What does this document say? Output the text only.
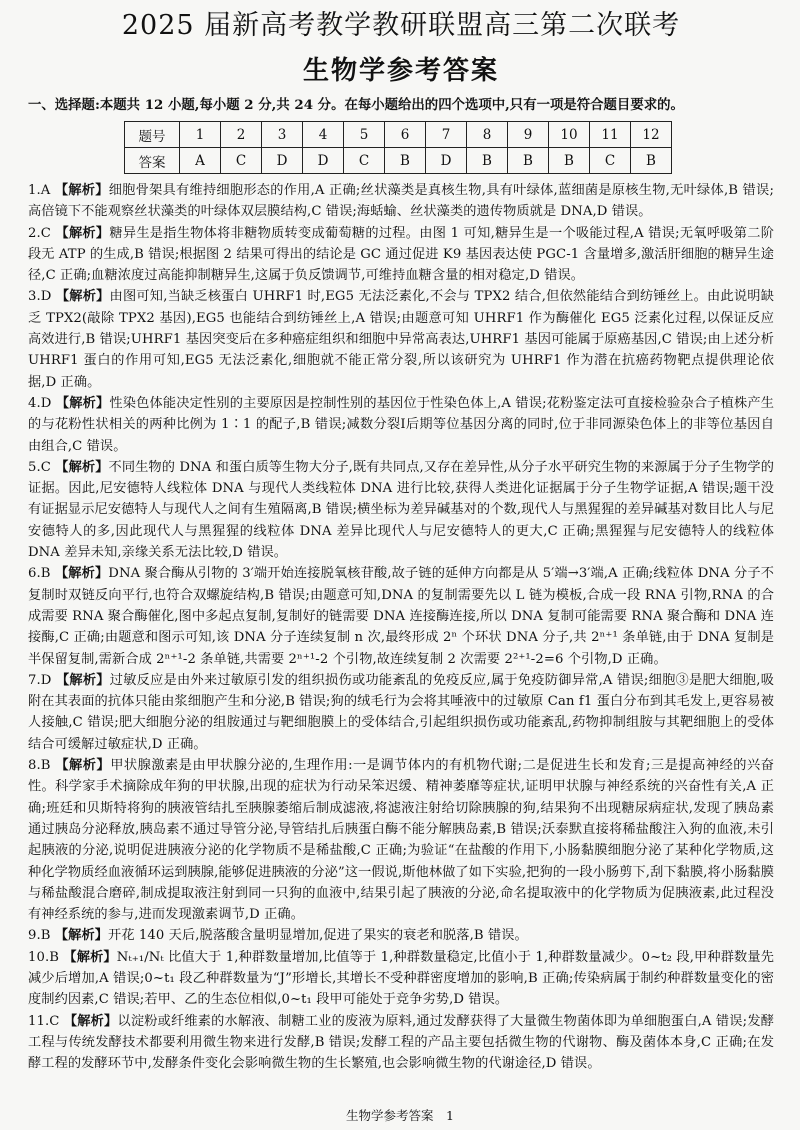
2025 届新高考教学教研联盟高三第二次联考
生物学参考答案

一、选择题:本题共 12 小题,每小题 2 分,共 24 分。在每小题给出的四个选项中,只有一项是符合题目要求的。

题号	1	2	3	4	5	6	7	8	9	10	11	12
答案	A	C	D	D	C	B	D	B	B	B	C	B

1.A 【解析】细胞骨架具有维持细胞形态的作用,A 正确;丝状藻类是真核生物,具有叶绿体,蓝细菌是原核生物,无叶绿体,B 错误;高倍镜下不能观察丝状藻类的叶绿体双层膜结构,C 错误;海蛞蝓、丝状藻类的遗传物质就是 DNA,D 错误。

2.C 【解析】糖异生是指生物体将非糖物质转变成葡萄糖的过程。由图 1 可知,糖异生是一个吸能过程,A 错误;无氧呼吸第二阶段无 ATP 的生成,B 错误;根据图 2 结果可得出的结论是 GC 通过促进 K9 基因表达使 PGC-1 含量增多,激活肝细胞的糖异生途径,C 正确;血糖浓度过高能抑制糖异生,这属于负反馈调节,可维持血糖含量的相对稳定,D 错误。

3.D 【解析】由图可知,当缺乏核蛋白 UHRF1 时,EG5 无法泛素化,不会与 TPX2 结合,但依然能结合到纺锤丝上。由此说明缺乏 TPX2(敲除 TPX2 基因),EG5 也能结合到纺锤丝上,A 错误;由题意可知 UHRF1 作为酶催化 EG5 泛素化过程,以保证反应高效进行,B 错误;UHRF1 基因突变后在多种癌症组织和细胞中异常高表达,UHRF1 基因可能属于原癌基因,C 错误;由上述分析 UHRF1 蛋白的作用可知,EG5 无法泛素化,细胞就不能正常分裂,所以该研究为 UHRF1 作为潜在抗癌药物靶点提供理论依据,D 正确。

4.D 【解析】性染色体能决定性别的主要原因是控制性别的基因位于性染色体上,A 错误;花粉鉴定法可直接检验杂合子植株产生的与花粉性状相关的两种比例为 1∶1 的配子,B 错误;减数分裂Ⅰ后期等位基因分离的同时,位于非同源染色体上的非等位基因自由组合,C 错误。

5.C 【解析】不同生物的 DNA 和蛋白质等生物大分子,既有共同点,又存在差异性,从分子水平研究生物的来源属于分子生物学的证据。因此,尼安德特人线粒体 DNA 与现代人类线粒体 DNA 进行比较,获得人类进化证据属于分子生物学证据,A 错误;题干没有证据显示尼安德特人与现代人之间有生殖隔离,B 错误;横坐标为差异碱基对的个数,现代人与黑猩猩的差异碱基对数目比人与尼安德特人的多,因此现代人与黑猩猩的线粒体 DNA 差异比现代人与尼安德特人的更大,C 正确;黑猩猩与尼安德特人的线粒体 DNA 差异未知,亲缘关系无法比较,D 错误。

6.B 【解析】DNA 聚合酶从引物的 3′端开始连接脱氧核苷酸,故子链的延伸方向都是从 5′端→3′端,A 正确;线粒体 DNA 分子不复制时双链反向平行,也符合双螺旋结构,B 错误;由题意可知,DNA 的复制需要先以 L 链为模板,合成一段 RNA 引物,RNA 的合成需要 RNA 聚合酶催化,图中多起点复制,复制好的链需要 DNA 连接酶连接,所以 DNA 复制可能需要 RNA 聚合酶和 DNA 连接酶,C 正确;由题意和图示可知,该 DNA 分子连续复制 n 次,最终形成 2ⁿ 个环状 DNA 分子,共 2ⁿ⁺¹ 条单链,由于 DNA 复制是半保留复制,需新合成 2ⁿ⁺¹-2 条单链,共需要 2ⁿ⁺¹-2 个引物,故连续复制 2 次需要 2²⁺¹-2=6 个引物,D 正确。

7.D 【解析】过敏反应是由外来过敏原引发的组织损伤或功能紊乱的免疫反应,属于免疫防御异常,A 错误;细胞③是肥大细胞,吸附在其表面的抗体只能由浆细胞产生和分泌,B 错误;狗的绒毛行为会将其唾液中的过敏原 Can f1 蛋白分布到其毛发上,更容易被人接触,C 错误;肥大细胞分泌的组胺通过与靶细胞膜上的受体结合,引起组织损伤或功能紊乱,药物抑制组胺与其靶细胞上的受体结合可缓解过敏症状,D 正确。

8.B 【解析】甲状腺激素是由甲状腺分泌的,生理作用:一是调节体内的有机物代谢;二是促进生长和发育;三是提高神经的兴奋性。科学家手术摘除成年狗的甲状腺,出现的症状为行动呆笨迟缓、精神萎靡等症状,证明甲状腺与神经系统的兴奋性有关,A 正确;班廷和贝斯特将狗的胰液管结扎至胰腺萎缩后制成滤液,将滤液注射给切除胰腺的狗,结果狗不出现糖尿病症状,发现了胰岛素通过胰岛分泌释放,胰岛素不通过导管分泌,导管结扎后胰蛋白酶不能分解胰岛素,B 错误;沃泰默直接将稀盐酸注入狗的血液,未引起胰液的分泌,说明促进胰液分泌的化学物质不是稀盐酸,C 正确;为验证“在盐酸的作用下,小肠黏膜细胞分泌了某种化学物质,这种化学物质经血液循环运到胰腺,能够促进胰液的分泌”这一假说,斯他林做了如下实验,把狗的一段小肠剪下,刮下黏膜,将小肠黏膜与稀盐酸混合磨碎,制成提取液注射到同一只狗的血液中,结果引起了胰液的分泌,命名提取液中的化学物质为促胰液素,此过程没有神经系统的参与,进而发现激素调节,D 正确。

9.B 【解析】开花 140 天后,脱落酸含量明显增加,促进了果实的衰老和脱落,B 错误。

10.B 【解析】Nₜ₊₁/Nₜ 比值大于 1,种群数量增加,比值等于 1,种群数量稳定,比值小于 1,种群数量减少。0~t₂ 段,甲种群数量先减少后增加,A 错误;0~t₁ 段乙种群数量为“J”形增长,其增长不受种群密度增加的影响,B 正确;传染病属于制约种群数量变化的密度制约因素,C 错误;若甲、乙的生态位相似,0~t₁ 段甲可能处于竞争劣势,D 错误。

11.C 【解析】以淀粉或纤维素的水解液、制糖工业的废液为原料,通过发酵获得了大量微生物菌体即为单细胞蛋白,A 错误;发酵工程与传统发酵技术都要利用微生物来进行发酵,B 错误;发酵工程的产品主要包括微生物的代谢物、酶及菌体本身,C 正确;在发酵工程的发酵环节中,发酵条件变化会影响微生物的生长繁殖,也会影响微生物的代谢途径,D 错误。

生物学参考答案　1
